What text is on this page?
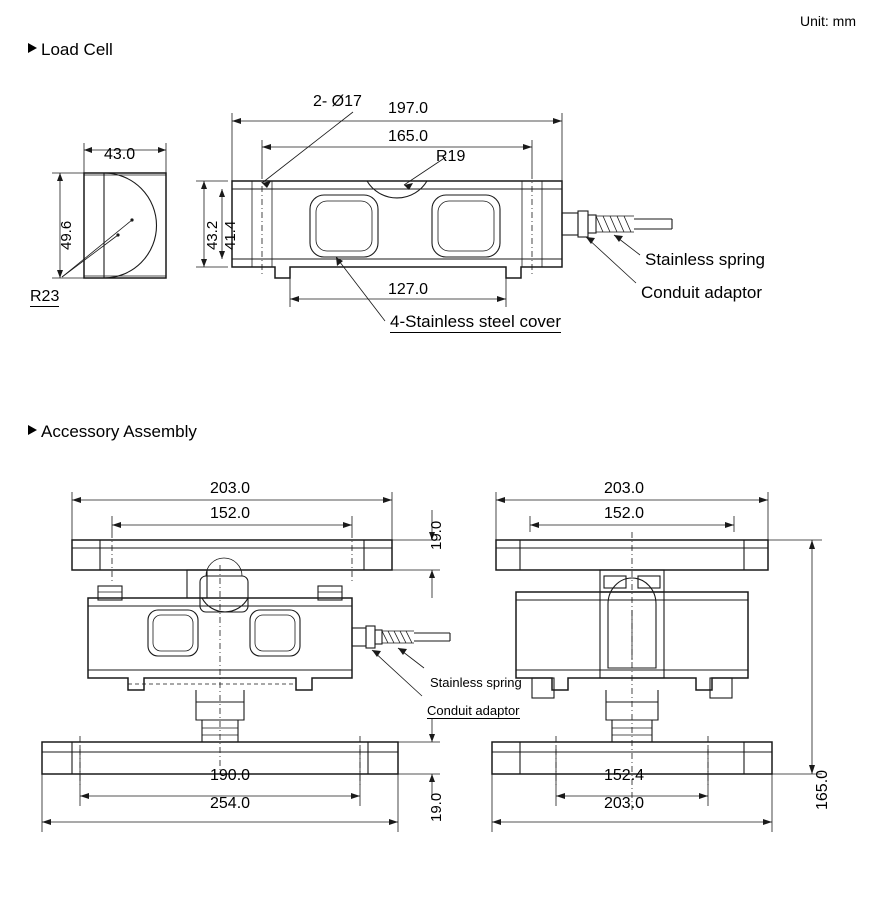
Unit: mm
Load Cell
2- Ø17 197.0
165.0
R19
127.0
43.0
49.6	43.2 41.4
R23
Stainless spring
Conduit adaptor
4-Stainless steel cover
Accessory Assembly
203.0
152.0
19.0
190.0
254.0	19.0
Stainless spring
Conduit adaptor
203.0
152.0
165.0
152.4
203.0
